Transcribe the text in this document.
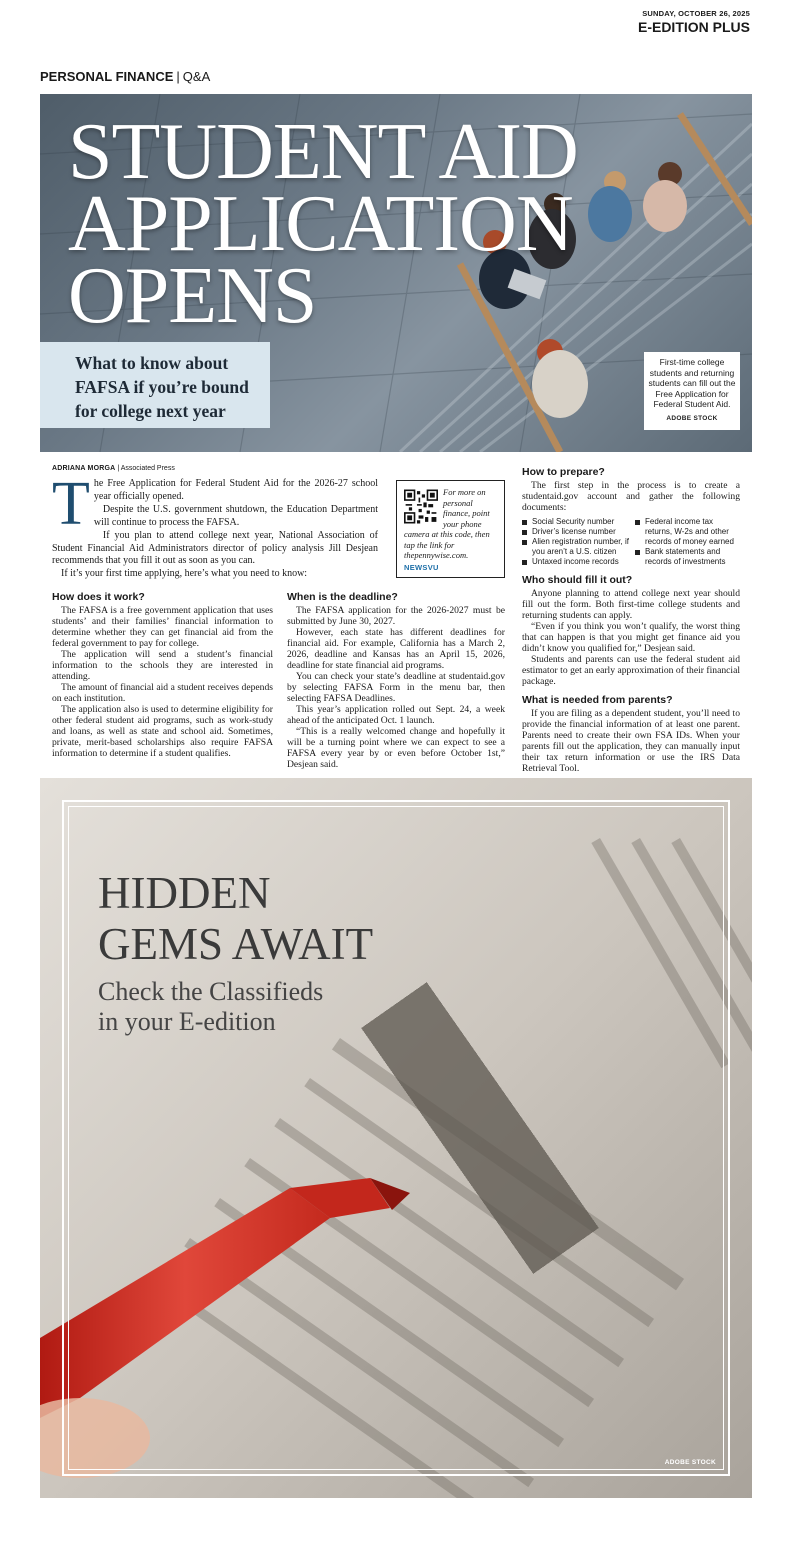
SUNDAY, OCTOBER 26, 2025
E-EDITION PLUS
PERSONAL FINANCE | Q&A
STUDENT AID
APPLICATION
OPENS
What to know about
FAFSA if you’re bound
for college next year
First-time college students and returning students can fill out the Free Application for Federal Student Aid.
ADOBE STOCK
ADRIANA MORGA | Associated Press

The Free Application for Federal Student Aid for the 2026-27 school year officially opened.

Despite the U.S. government shutdown, the Education Department will continue to process the FAFSA.

If you plan to attend college next year, National Association of Student Financial Aid Administrators director of policy analysis Jill Desjean recommends that you fill it out as soon as you can.

If it’s your first time applying, here’s what you need to know:

For more on personal finance, point your phone camera at this code, then tap the link for thepennywise.com.
NEWSVU
How does it work?

The FAFSA is a free government application that uses students’ and their families’ financial information to determine whether they can get financial aid from the federal government to pay for college.

The application will send a student’s financial information to the schools they are interested in attending.

The amount of financial aid a student receives depends on each institution.

The application also is used to determine eligibility for other federal student aid programs, such as work-study and loans, as well as state and school aid. Sometimes, private, merit-based scholarships also require FAFSA information to determine if a student qualifies.

When is the deadline?

The FAFSA application for the 2026-2027 must be submitted by June 30, 2027.

However, each state has different deadlines for financial aid. For example, California has a March 2, 2026, deadline and Kansas has an April 15, 2026, deadline for state financial aid programs.

You can check your state’s deadline at studentaid.gov by selecting FAFSA Form in the menu bar, then selecting FAFSA Deadlines.

This year’s application rolled out Sept. 24, a week ahead of the anticipated Oct. 1 launch.

“This is a really welcomed change and hopefully it will be a turning point where we can expect to see a FAFSA every year by or even before October 1st,” Desjean said.

How to prepare?

The first step in the process is to create a studentaid.gov account and gather the following documents:

Social Security number
Driver’s license number
Alien registration number, if you aren’t a U.S. citizen
Untaxed income records
Federal income tax returns, W-2s and other records of money earned
Bank statements and records of investments
Who should fill it out?

Anyone planning to attend college next year should fill out the form. Both first-time college students and returning students can apply.

“Even if you think you won’t qualify, the worst thing that can happen is that you might get finance aid you didn’t know you qualified for,” Desjean said.

Students and parents can use the federal student aid estimator to get an early approximation of their financial package.

What is needed from parents?

If you are filing as a dependent student, you’ll need to provide the financial information of at least one parent. Parents need to create their own FSA IDs. When your parents fill out the application, they can manually input their tax return information or use the IRS Data Retrieval Tool.

HIDDEN
GEMS AWAIT
Check the Classifieds
in your E-edition
ADOBE STOCK
